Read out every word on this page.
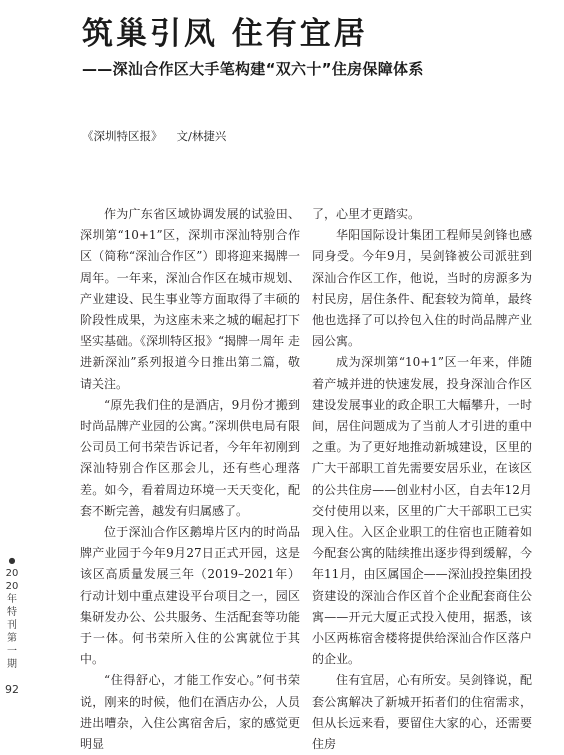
筑巢引凤 住有宜居
——深汕合作区大手笔构建“双六十”住房保障体系
《深圳特区报》 文/林捷兴

作为广东省区域协调发展的试验田、深圳第“10+1”区，深圳市深汕特别合作区（简称“深汕合作区”）即将迎来揭牌一周年。一年来，深汕合作区在城市规划、产业建设、民生事业等方面取得了丰硕的阶段性成果，为这座未来之城的崛起打下坚实基础。《深圳特区报》“揭牌一周年 走进新深汕”系列报道今日推出第二篇，敬请关注。

“原先我们住的是酒店，9月份才搬到时尚品牌产业园的公寓。”深圳供电局有限公司员工何书荣告诉记者，今年年初刚到深汕特别合作区那会儿，还有些心理落差。如今，看着周边环境一天天变化，配套不断完善，越发有归属感了。

位于深汕合作区鹅埠片区内的时尚品牌产业园于今年9月27日正式开园，这是该区高质量发展三年（2019–2021年）行动计划中重点建设平台项目之一，园区集研发办公、公共服务、生活配套等功能于一体。何书荣所入住的公寓就位于其中。

“住得舒心，才能工作安心。”何书荣说，刚来的时候，他们在酒店办公，人员进出嘈杂，入住公寓宿舍后，家的感觉更明显

了，心里才更踏实。

华阳国际设计集团工程师吴剑锋也感同身受。今年9月，吴剑锋被公司派驻到深汕合作区工作，他说，当时的房源多为村民房，居住条件、配套较为简单，最终他也选择了可以拎包入住的时尚品牌产业园公寓。

成为深圳第“10+1”区一年来，伴随着产城并进的快速发展，投身深汕合作区建设发展事业的政企职工大幅攀升，一时间，居住问题成为了当前人才引进的重中之重。为了更好地推动新城建设，区里的广大干部职工首先需要安居乐业，在该区的公共住房——创业村小区，自去年12月交付使用以来，区里的广大干部职工已实现入住。入区企业职工的住宿也正随着如今配套公寓的陆续推出逐步得到缓解，今年11月，由区属国企——深汕投控集团投资建设的深汕合作区首个企业配套商住公寓——开元大厦正式投入使用，据悉，该小区两栋宿舍楼将提供给深汕合作区落户的企业。

住有宜居，心有所安。吴剑锋说，配套公寓解决了新城开拓者们的住宿需求，但从长远来看，要留住大家的心，还需要住房

●
2020年 特刊 第一期
92
